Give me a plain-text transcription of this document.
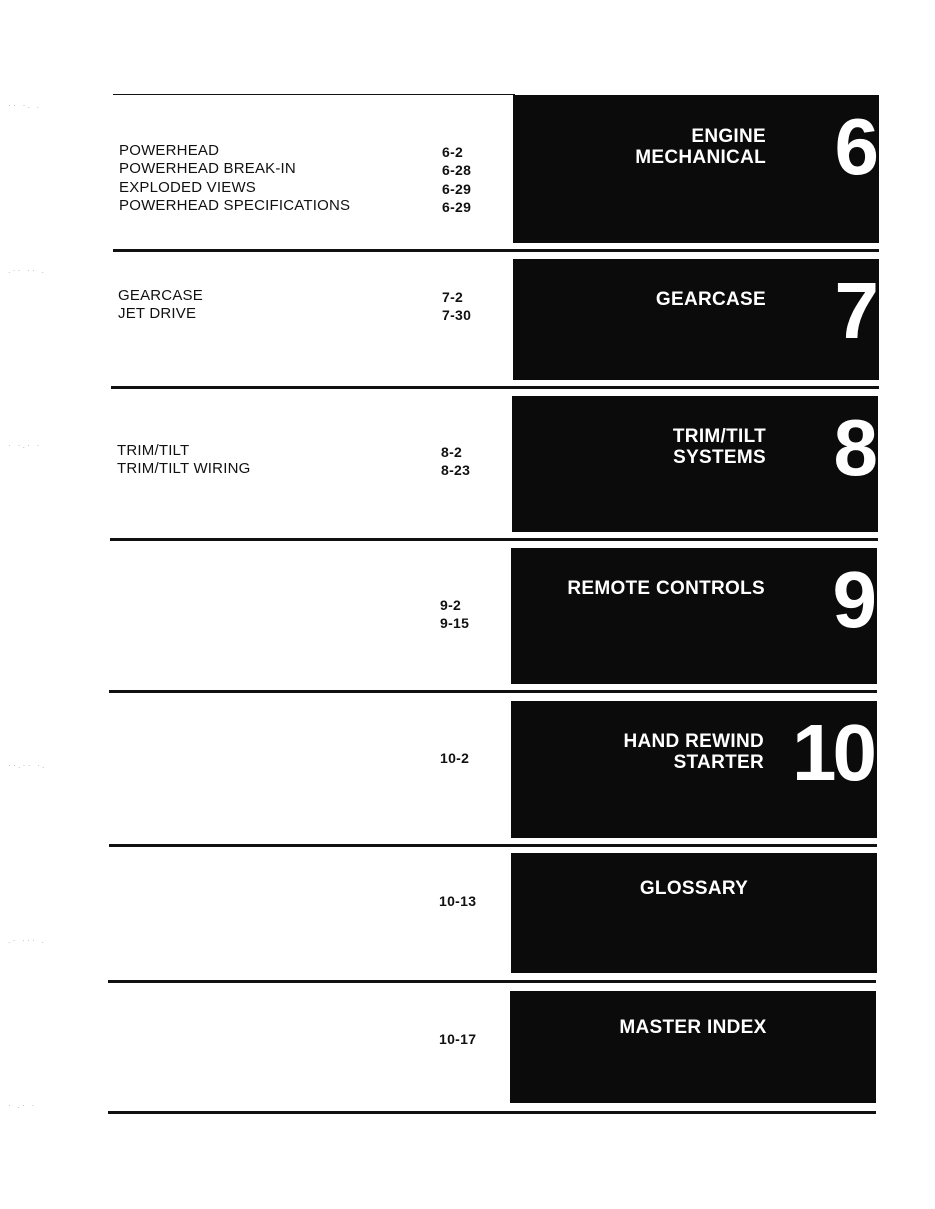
·· ·. .
.·· ·· .
· ·.· ·
··.·· ·.
.· ··· .
· .· ·
POWERHEAD
POWERHEAD BREAK-IN
EXPLODED VIEWS
POWERHEAD SPECIFICATIONS
6-2
6-28
6-29
6-29
ENGINE
MECHANICAL 6
GEARCASE
JET DRIVE
7-2
7-30
GEARCASE 7
TRIM/TILT
TRIM/TILT WIRING
8-2
8-23
TRIM/TILT
SYSTEMS 8
9-2
9-15
REMOTE CONTROLS 9
10-2
HAND REWIND
STARTER 10
10-13
GLOSSARY
10-17
MASTER INDEX
